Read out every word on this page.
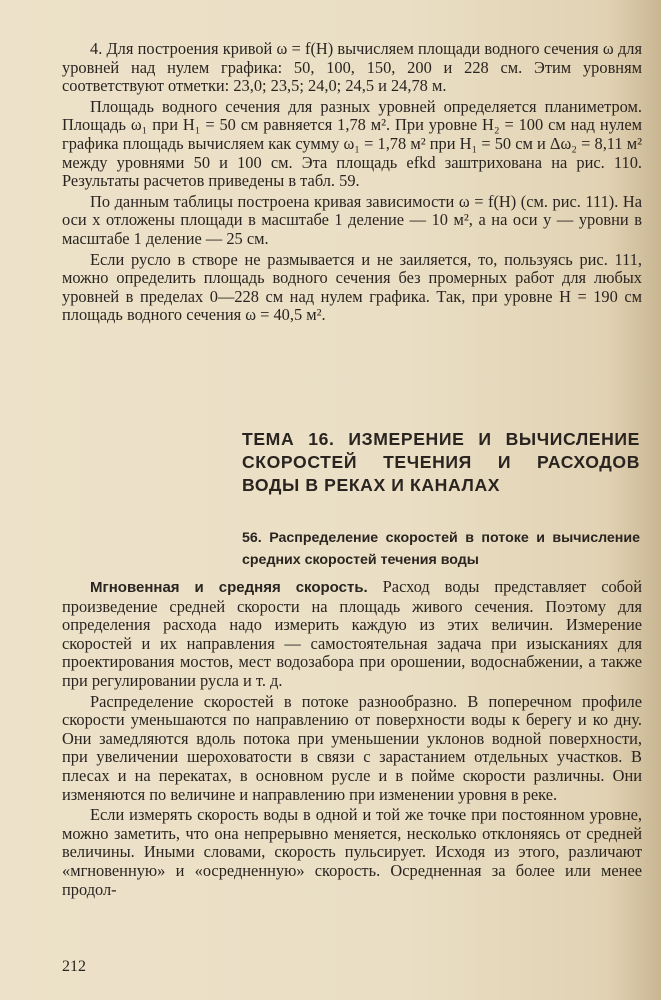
4. Для построения кривой ω = f(H) вычисляем площади водного сечения ω для уровней над нулем графика: 50, 100, 150, 200 и 228 см. Этим уровням соответствуют отметки: 23,0; 23,5; 24,0; 24,5 и 24,78 м.

Площадь водного сечения для разных уровней определяется планиметром. Площадь ω₁ при H₁ = 50 см равняется 1,78 м². При уровне H₂ = 100 см над нулем графика площадь вычисляем как сумму ω₁ = 1,78 м² при H₁ = 50 см и Δω₂ = 8,11 м² между уровнями 50 и 100 см. Эта площадь efkd заштрихована на рис. 110. Результаты расчетов приведены в табл. 59.

По данным таблицы построена кривая зависимости ω = f(H) (см. рис. 111). На оси x отложены площади в масштабе 1 деление — 10 м², а на оси y — уровни в масштабе 1 деление — 25 см.

Если русло в створе не размывается и не заиляется, то, пользуясь рис. 111, можно определить площадь водного сечения без промерных работ для любых уровней в пределах 0—228 см над нулем графика. Так, при уровне H = 190 см площадь водного сечения ω = 40,5 м².

ТЕМА 16. ИЗМЕРЕНИЕ И ВЫЧИСЛЕНИЕ СКОРОСТЕЙ ТЕЧЕНИЯ И РАСХОДОВ ВОДЫ В РЕКАХ И КАНАЛАХ
56. Распределение скоростей в потоке и вычисление средних скоростей течения воды

Мгновенная и средняя скорость. Расход воды представляет собой произведение средней скорости на площадь живого сечения. Поэтому для определения расхода надо измерить каждую из этих величин. Измерение скоростей и их направления — самостоятельная задача при изысканиях для проектирования мостов, мест водозабора при орошении, водоснабжении, а также при регулировании русла и т. д.

Распределение скоростей в потоке разнообразно. В поперечном профиле скорости уменьшаются по направлению от поверхности воды к берегу и ко дну. Они замедляются вдоль потока при уменьшении уклонов водной поверхности, при увеличении шероховатости в связи с зарастанием отдельных участков. В плесах и на перекатах, в основном русле и в пойме скорости различны. Они изменяются по величине и направлению при изменении уровня в реке.

Если измерять скорость воды в одной и той же точке при постоянном уровне, можно заметить, что она непрерывно меняется, несколько отклоняясь от средней величины. Иными словами, скорость пульсирует. Исходя из этого, различают «мгновенную» и «осредненную» скорость. Осредненная за более или менее продол-

212
